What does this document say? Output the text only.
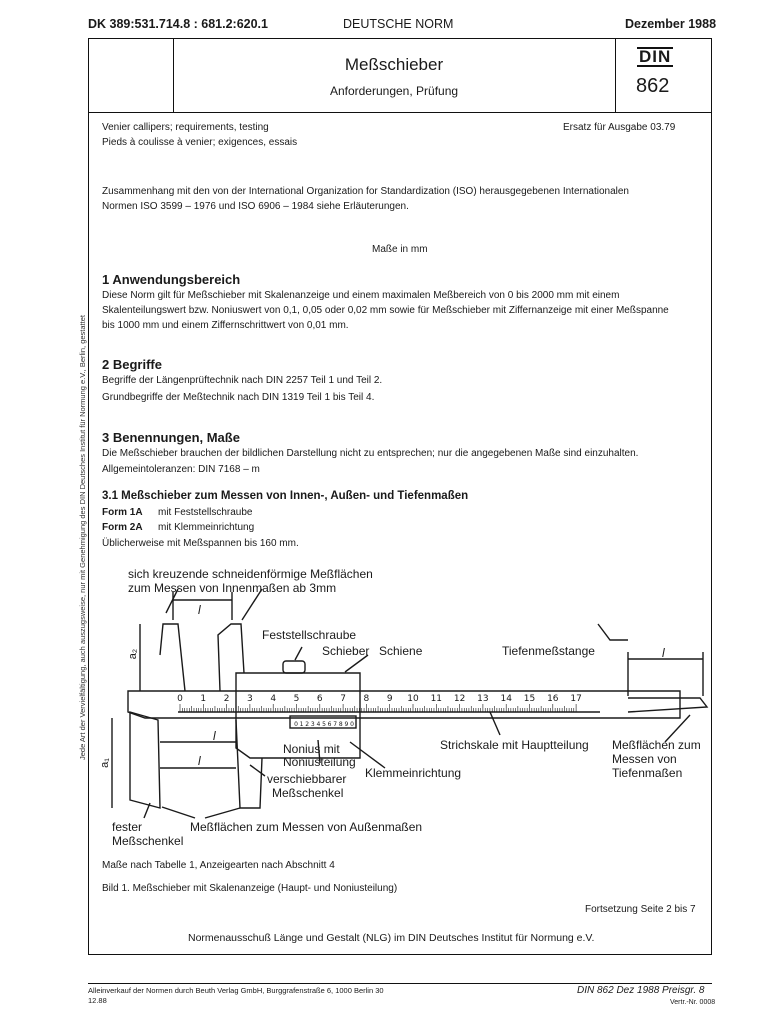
DK 389:531.714.8 : 681.2:620.1	DEUTSCHE NORM	Dezember 1988
Meßschieber
Anforderungen, Prüfung
DIN
862
Jede Art der Vervielfältigung, auch auszugsweise, nur mit Genehmigung des DIN Deutsches Institut für Normung e.V., Berlin, gestattet
Venier callipers; requirements, testing
Pieds à coulisse à venier; exigences, essais
Ersatz für Ausgabe 03.79
Zusammenhang mit den von der International Organization for Standardization (ISO) herausgegebenen Internationalen
Normen ISO 3599 – 1976 und ISO 6906 – 1984 siehe Erläuterungen.
Maße in mm
1 Anwendungsbereich
Diese Norm gilt für Meßschieber mit Skalenanzeige und einem maximalen Meßbereich von 0 bis 2000 mm mit einem
Skalenteilungswert bzw. Noniuswert von 0,1, 0,05 oder 0,02 mm sowie für Meßschieber mit Ziffernanzeige mit einer Meßspanne
bis 1000 mm und einem Ziffernschrittwert von 0,01 mm.
2 Begriffe
Begriffe der Längenprüftechnik nach DIN 2257 Teil 1 und Teil 2.
Grundbegriffe der Meßtechnik nach DIN 1319 Teil 1 bis Teil 4.
3 Benennungen, Maße
Die Meßschieber brauchen der bildlichen Darstellung nicht zu entsprechen; nur die angegebenen Maße sind einzuhalten.
Allgemeintoleranzen: DIN 7168 – m
3.1 Meßschieber zum Messen von Innen-, Außen- und Tiefenmaßen
Form 1A mit Feststellschraube
Form 2A mit Klemmeinrichtung
Üblicherweise mit Meßspannen bis 160 mm.
0 1 2 3 4 5 6 7 8 9 10 11 12 13 14 15 16 17
0 1 2 3 4 5 6 7 8 9 0
sich kreuzende schneidenförmige Meßflächen
zum Messen von Innenmaßen ab 3mm
Feststellschraube
Schieber Schiene	Tiefenmeßstange
Nonius mit
Noniusteilung
Klemmeinrichtung
verschiebbarer
Meßschenkel
Strichskale mit Hauptteilung Meßflächen zum
Messen von
Tiefenmaßen
fester
Meßschenkel
Meßflächen zum Messen von Außenmaßen
l
l
l
l
a₂
a₁
Maße nach Tabelle 1, Anzeigearten nach Abschnitt 4
Bild 1. Meßschieber mit Skalenanzeige (Haupt- und Noniusteilung)
Fortsetzung Seite 2 bis 7
Normenausschuß Länge und Gestalt (NLG) im DIN Deutsches Institut für Normung e.V.
Alleinverkauf der Normen durch Beuth Verlag GmbH, Burggrafenstraße 6, 1000 Berlin 30
12.88
DIN 862 Dez 1988 Preisgr. 8
Vertr.-Nr. 0008
